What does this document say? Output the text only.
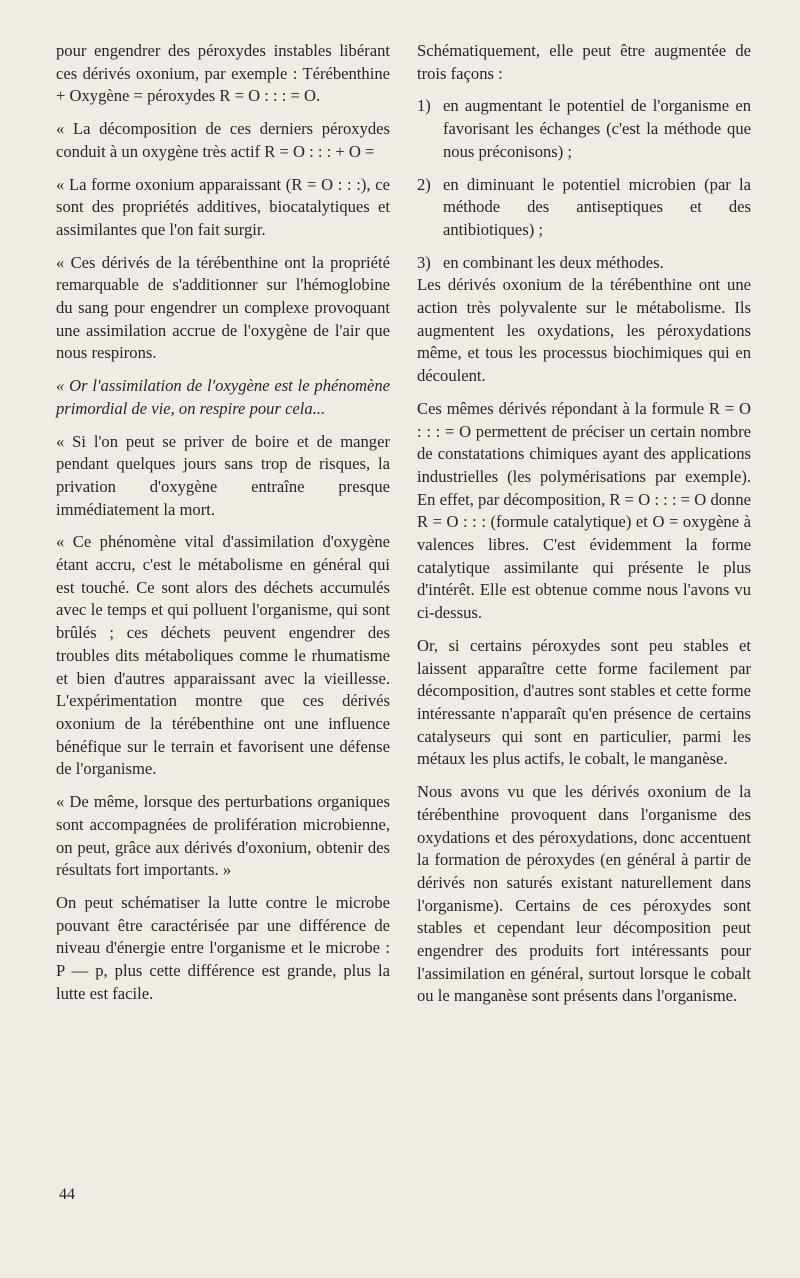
pour engendrer des péroxydes instables libérant ces dérivés oxonium, par exemple : Térébenthine + Oxygène = péroxydes R = O : : : = O.

« La décomposition de ces derniers péroxydes conduit à un oxygène très actif R = O : : : + O =

« La forme oxonium apparaissant (R = O : : :), ce sont des propriétés additives, biocatalytiques et assimilantes que l'on fait surgir.

« Ces dérivés de la térébenthine ont la propriété remarquable de s'additionner sur l'hémoglobine du sang pour engendrer un complexe provoquant une assimilation accrue de l'oxygène de l'air que nous respirons.

« Or l'assimilation de l'oxygène est le phénomène primordial de vie, on respire pour cela...

« Si l'on peut se priver de boire et de manger pendant quelques jours sans trop de risques, la privation d'oxygène entraîne presque immédiatement la mort.

« Ce phénomène vital d'assimilation d'oxygène étant accru, c'est le métabolisme en général qui est touché. Ce sont alors des déchets accumulés avec le temps et qui polluent l'organisme, qui sont brûlés ; ces déchets peuvent engendrer des troubles dits métaboliques comme le rhumatisme et bien d'autres apparaissant avec la vieillesse. L'expérimentation montre que ces dérivés oxonium de la térébenthine ont une influence bénéfique sur le terrain et favorisent une défense de l'organisme.

« De même, lorsque des perturbations organiques sont accompagnées de prolifération microbienne, on peut, grâce aux dérivés d'oxonium, obtenir des résultats fort importants. »

On peut schématiser la lutte contre le microbe pouvant être caractérisée par une différence de niveau d'énergie entre l'organisme et le microbe : P — p, plus cette différence est grande, plus la lutte est facile.

Schématiquement, elle peut être augmentée de trois façons :

1) en augmentant le potentiel de l'organisme en favorisant les échanges (c'est la méthode que nous préconisons) ;
2) en diminuant le potentiel microbien (par la méthode des antiseptiques et des antibiotiques) ;
3) en combinant les deux méthodes.

Les dérivés oxonium de la térébenthine ont une action très polyvalente sur le métabolisme. Ils augmentent les oxydations, les péroxydations même, et tous les processus biochimiques qui en découlent.

Ces mêmes dérivés répondant à la formule R = O : : : = O permettent de préciser un certain nombre de constatations chimiques ayant des applications industrielles (les polymérisations par exemple). En effet, par décomposition, R = O : : : = O donne R = O : : : (formule catalytique) et O = oxygène à valences libres. C'est évidemment la forme catalytique assimilante qui présente le plus d'intérêt. Elle est obtenue comme nous l'avons vu ci-dessus.

Or, si certains péroxydes sont peu stables et laissent apparaître cette forme facilement par décomposition, d'autres sont stables et cette forme intéressante n'apparaît qu'en présence de certains catalyseurs qui sont en particulier, parmi les métaux les plus actifs, le cobalt, le manganèse.

Nous avons vu que les dérivés oxonium de la térébenthine provoquent dans l'organisme des oxydations et des péroxydations, donc accentuent la formation de péroxydes (en général à partir de dérivés non saturés existant naturellement dans l'organisme). Certains de ces péroxydes sont stables et cependant leur décomposition peut engendrer des produits fort intéressants pour l'assimilation en général, surtout lorsque le cobalt ou le manganèse sont présents dans l'organisme.

44
